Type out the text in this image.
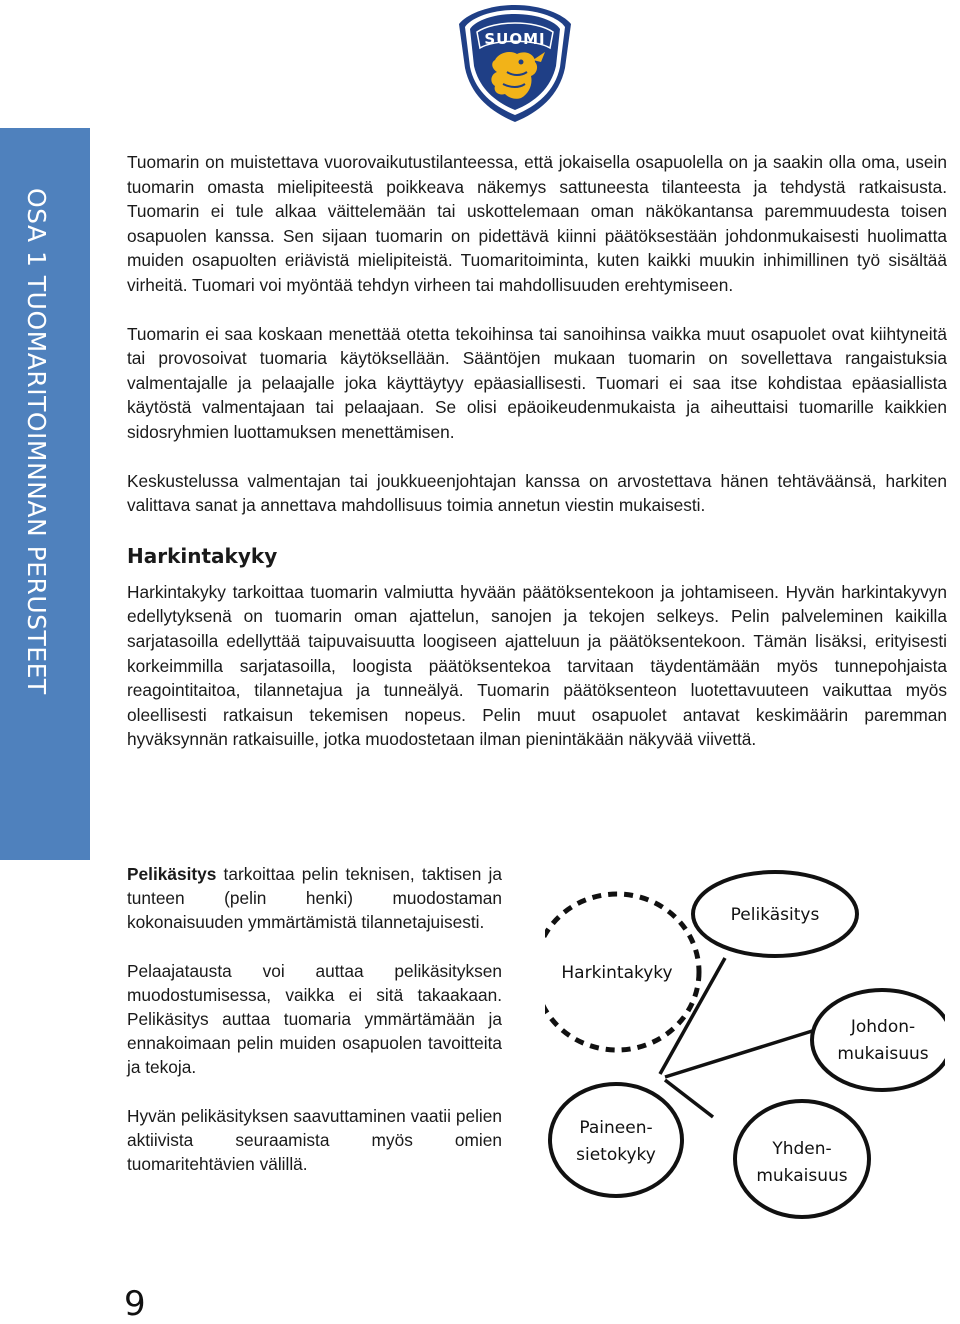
SUOMI
OSA 1 TUOMARITOIMNNAN PERUSTEET

Tuomarin on muistettava vuorovaikutustilanteessa, että jokaisella osapuolella on ja saakin olla oma, usein tuomarin omasta mielipiteestä poikkeava näkemys sattuneesta tilanteesta ja tehdystä ratkaisusta. Tuomarin ei tule alkaa väittelemään tai uskottelemaan oman näkökantansa paremmuudesta toisen osapuolen kanssa. Sen sijaan tuomarin on pidettävä kiinni päätöksestään johdonmukaisesti huolimatta muiden osapuolten eriävistä mielipiteistä. Tuomaritoiminta, kuten kaikki muukin inhimillinen työ sisältää virheitä. Tuomari voi myöntää tehdyn virheen tai mahdollisuuden erehtymiseen.

Tuomarin ei saa koskaan menettää otetta tekoihinsa tai sanoihinsa vaikka muut osapuolet ovat kiihtyneitä tai provosoivat tuomaria käytöksellään. Sääntöjen mukaan tuomarin on sovellettava rangaistuksia valmentajalle ja pelaajalle joka käyttäytyy epäasiallisesti. Tuomari ei saa itse kohdistaa epäasiallista käytöstä valmentajaan tai pelaajaan. Se olisi epäoikeudenmukaista ja aiheuttaisi tuomarille kaikkien sidosryhmien luottamuksen menettämisen.

Keskustelussa valmentajan tai joukkueenjohtajan kanssa on arvostettava hänen tehtäväänsä, harkiten valittava sanat ja annettava mahdollisuus toimia annetun viestin mukaisesti.

Harkintakyky

Harkintakyky tarkoittaa tuomarin valmiutta hyvään päätöksentekoon ja johtamiseen. Hyvän harkintakyvyn edellytyksenä on tuomarin oman ajattelun, sanojen ja tekojen selkeys. Pelin palveleminen kaikilla sarjatasoilla edellyttää taipuvaisuutta loogiseen ajatteluun ja päätöksentekoon. Tämän lisäksi, erityisesti korkeimmilla sarjatasoilla, loogista päätöksentekoa tarvitaan täydentämään myös tunnepohjaista reagointitaitoa, tilannetajua ja tunneälyä. Tuomarin päätöksenteon luotettavuuteen vaikuttaa myös oleellisesti ratkaisun tekemisen nopeus. Pelin muut osapuolet antavat keskimäärin paremman hyväksynnän ratkaisuille, jotka muodostetaan ilman pienintäkään näkyvää viivettä.

Pelikäsitys tarkoittaa pelin teknisen, taktisen ja tunteen (pelin henki) muodostaman kokonaisuuden ymmärtämistä tilannetajuisesti.

Pelaajatausta voi auttaa pelikäsityksen muodostumisessa, vaikka ei sitä takaakaan. Pelikäsitys auttaa tuomaria ymmärtämään ja ennakoimaan pelin muiden osapuolen tavoitteita ja tekoja.

Hyvän pelikäsityksen saavuttaminen vaatii pelien aktiivista seuraamista myös omien tuomaritehtävien välillä.

Harkintakyky
Pelikäsitys
Johdon-
mukaisuus
Yhden-
mukaisuus
Paineen-
sietokyky
9
